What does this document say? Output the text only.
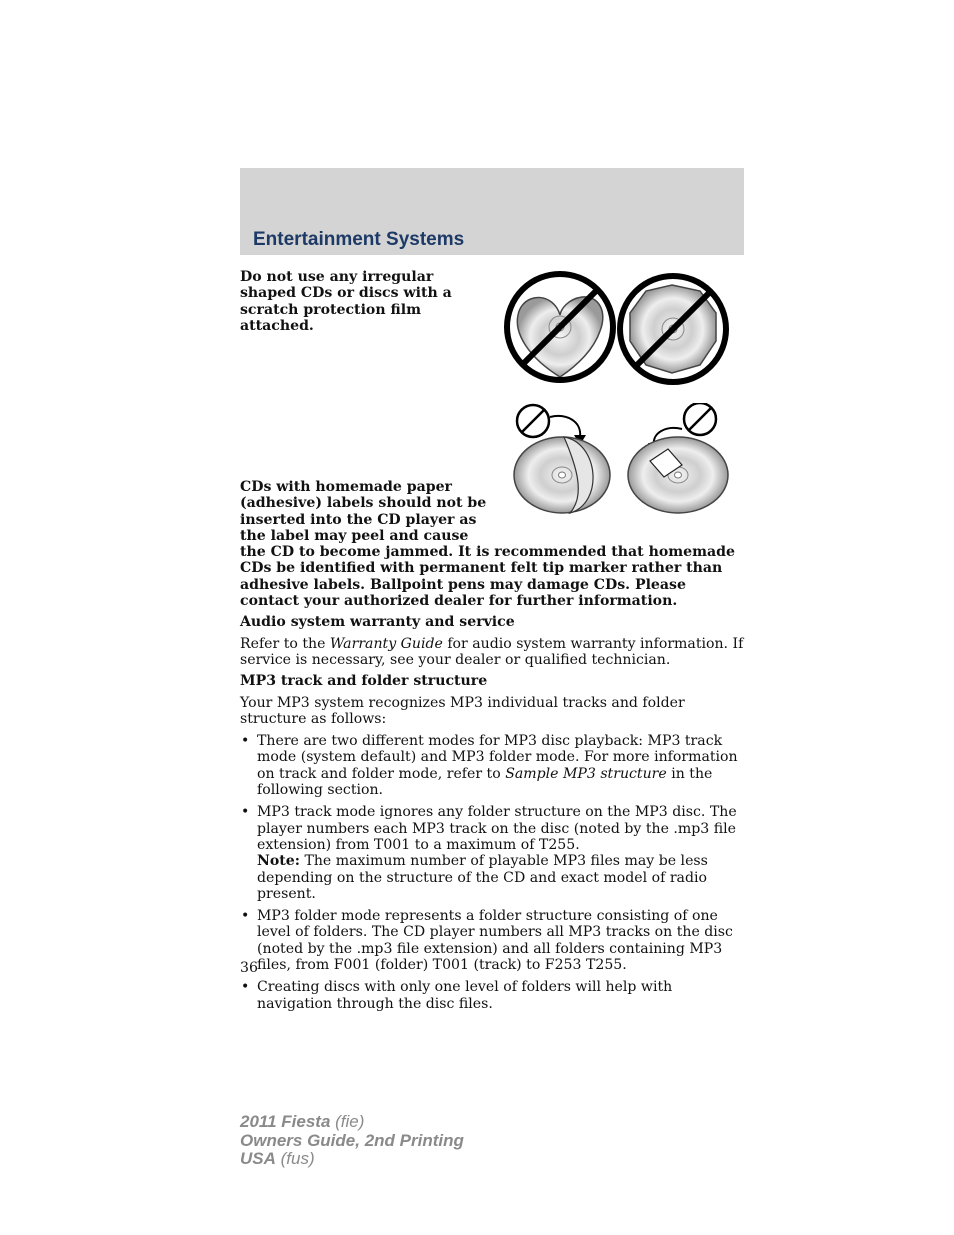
Entertainment Systems

Do not use any irregular shaped CDs or discs with a scratch protection film attached.

CDs with homemade paper (adhesive) labels should not be inserted into the CD player as the label may peel and cause the CD to become jammed. It is recommended that homemade CDs be identified with permanent felt tip marker rather than adhesive labels. Ballpoint pens may damage CDs. Please contact your authorized dealer for further information.

Audio system warranty and service

Refer to the Warranty Guide for audio system warranty information. If service is necessary, see your dealer or qualified technician.

MP3 track and folder structure

Your MP3 system recognizes MP3 individual tracks and folder structure as follows:

• There are two different modes for MP3 disc playback: MP3 track mode (system default) and MP3 folder mode. For more information on track and folder mode, refer to Sample MP3 structure in the following section.
• MP3 track mode ignores any folder structure on the MP3 disc. The player numbers each MP3 track on the disc (noted by the .mp3 file extension) from T001 to a maximum of T255.
Note: The maximum number of playable MP3 files may be less depending on the structure of the CD and exact model of radio present.
• MP3 folder mode represents a folder structure consisting of one level of folders. The CD player numbers all MP3 tracks on the disc (noted by the .mp3 file extension) and all folders containing MP3 files, from F001 (folder) T001 (track) to F253 T255.
• Creating discs with only one level of folders will help with navigation through the disc files.
36
2011 Fiesta (fie)
Owners Guide, 2nd Printing
USA (fus)
